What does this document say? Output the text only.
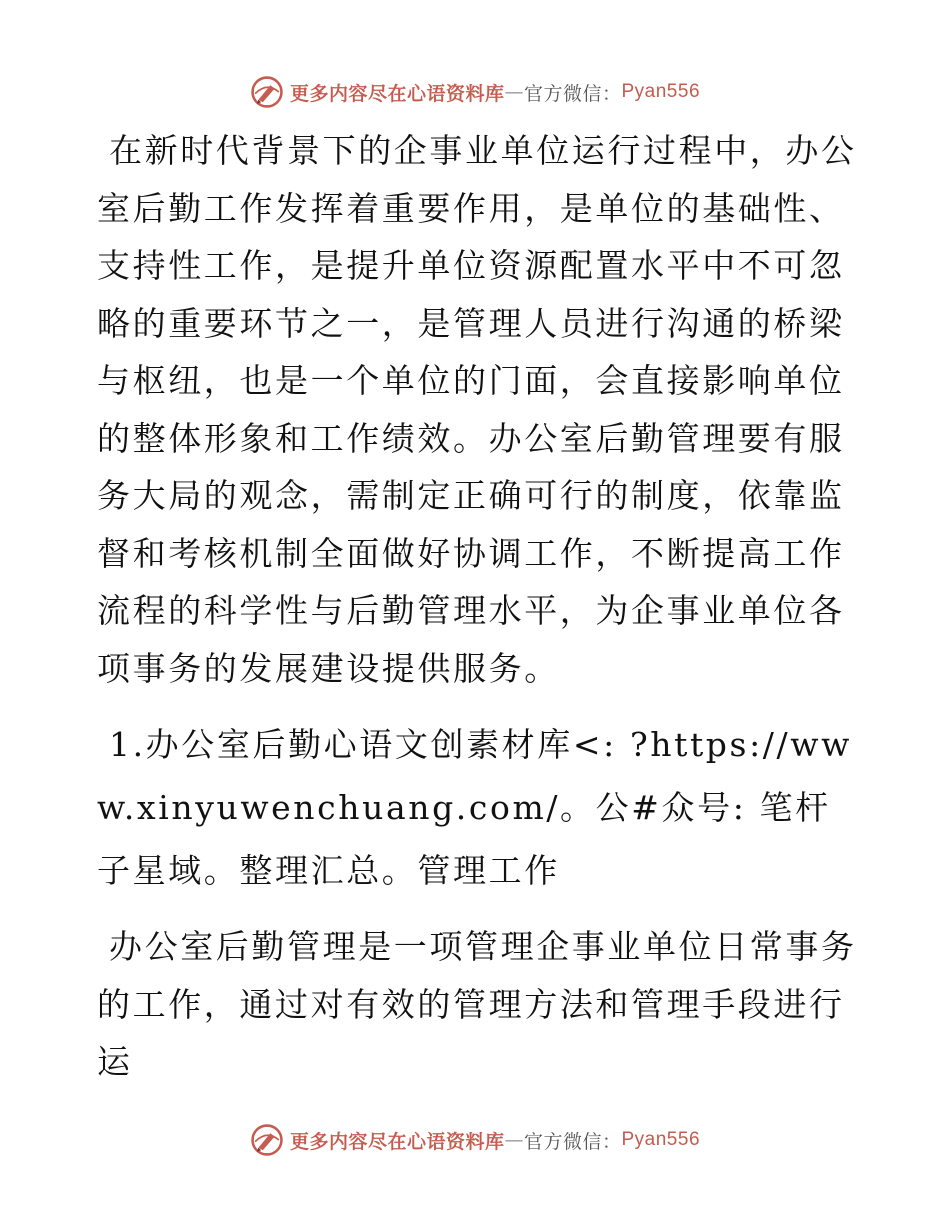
更多内容尽在心语资料库 — 官方微信： Pyan556

在新时代背景下的企事业单位运行过程中，办公室后勤工作发挥着重要作用，是单位的基础性、支持性工作，是提升单位资源配置水平中不可忽略的重要环节之一，是管理人员进行沟通的桥梁与枢纽，也是一个单位的门面，会直接影响单位的整体形象和工作绩效。办公室后勤管理要有服务大局的观念，需制定正确可行的制度，依靠监督和考核机制全面做好协调工作，不断提高工作流程的科学性与后勤管理水平，为企事业单位各项事务的发展建设提供服务。

1.办公室后勤心语文创素材库<: ?https://www.xinyuwenchuang.com/。公#众号: 笔杆子星域。整理汇总。管理工作

办公室后勤管理是一项管理企事业单位日常事务的工作，通过对有效的管理方法和管理手段进行运

更多内容尽在心语资料库 — 官方微信： Pyan556
